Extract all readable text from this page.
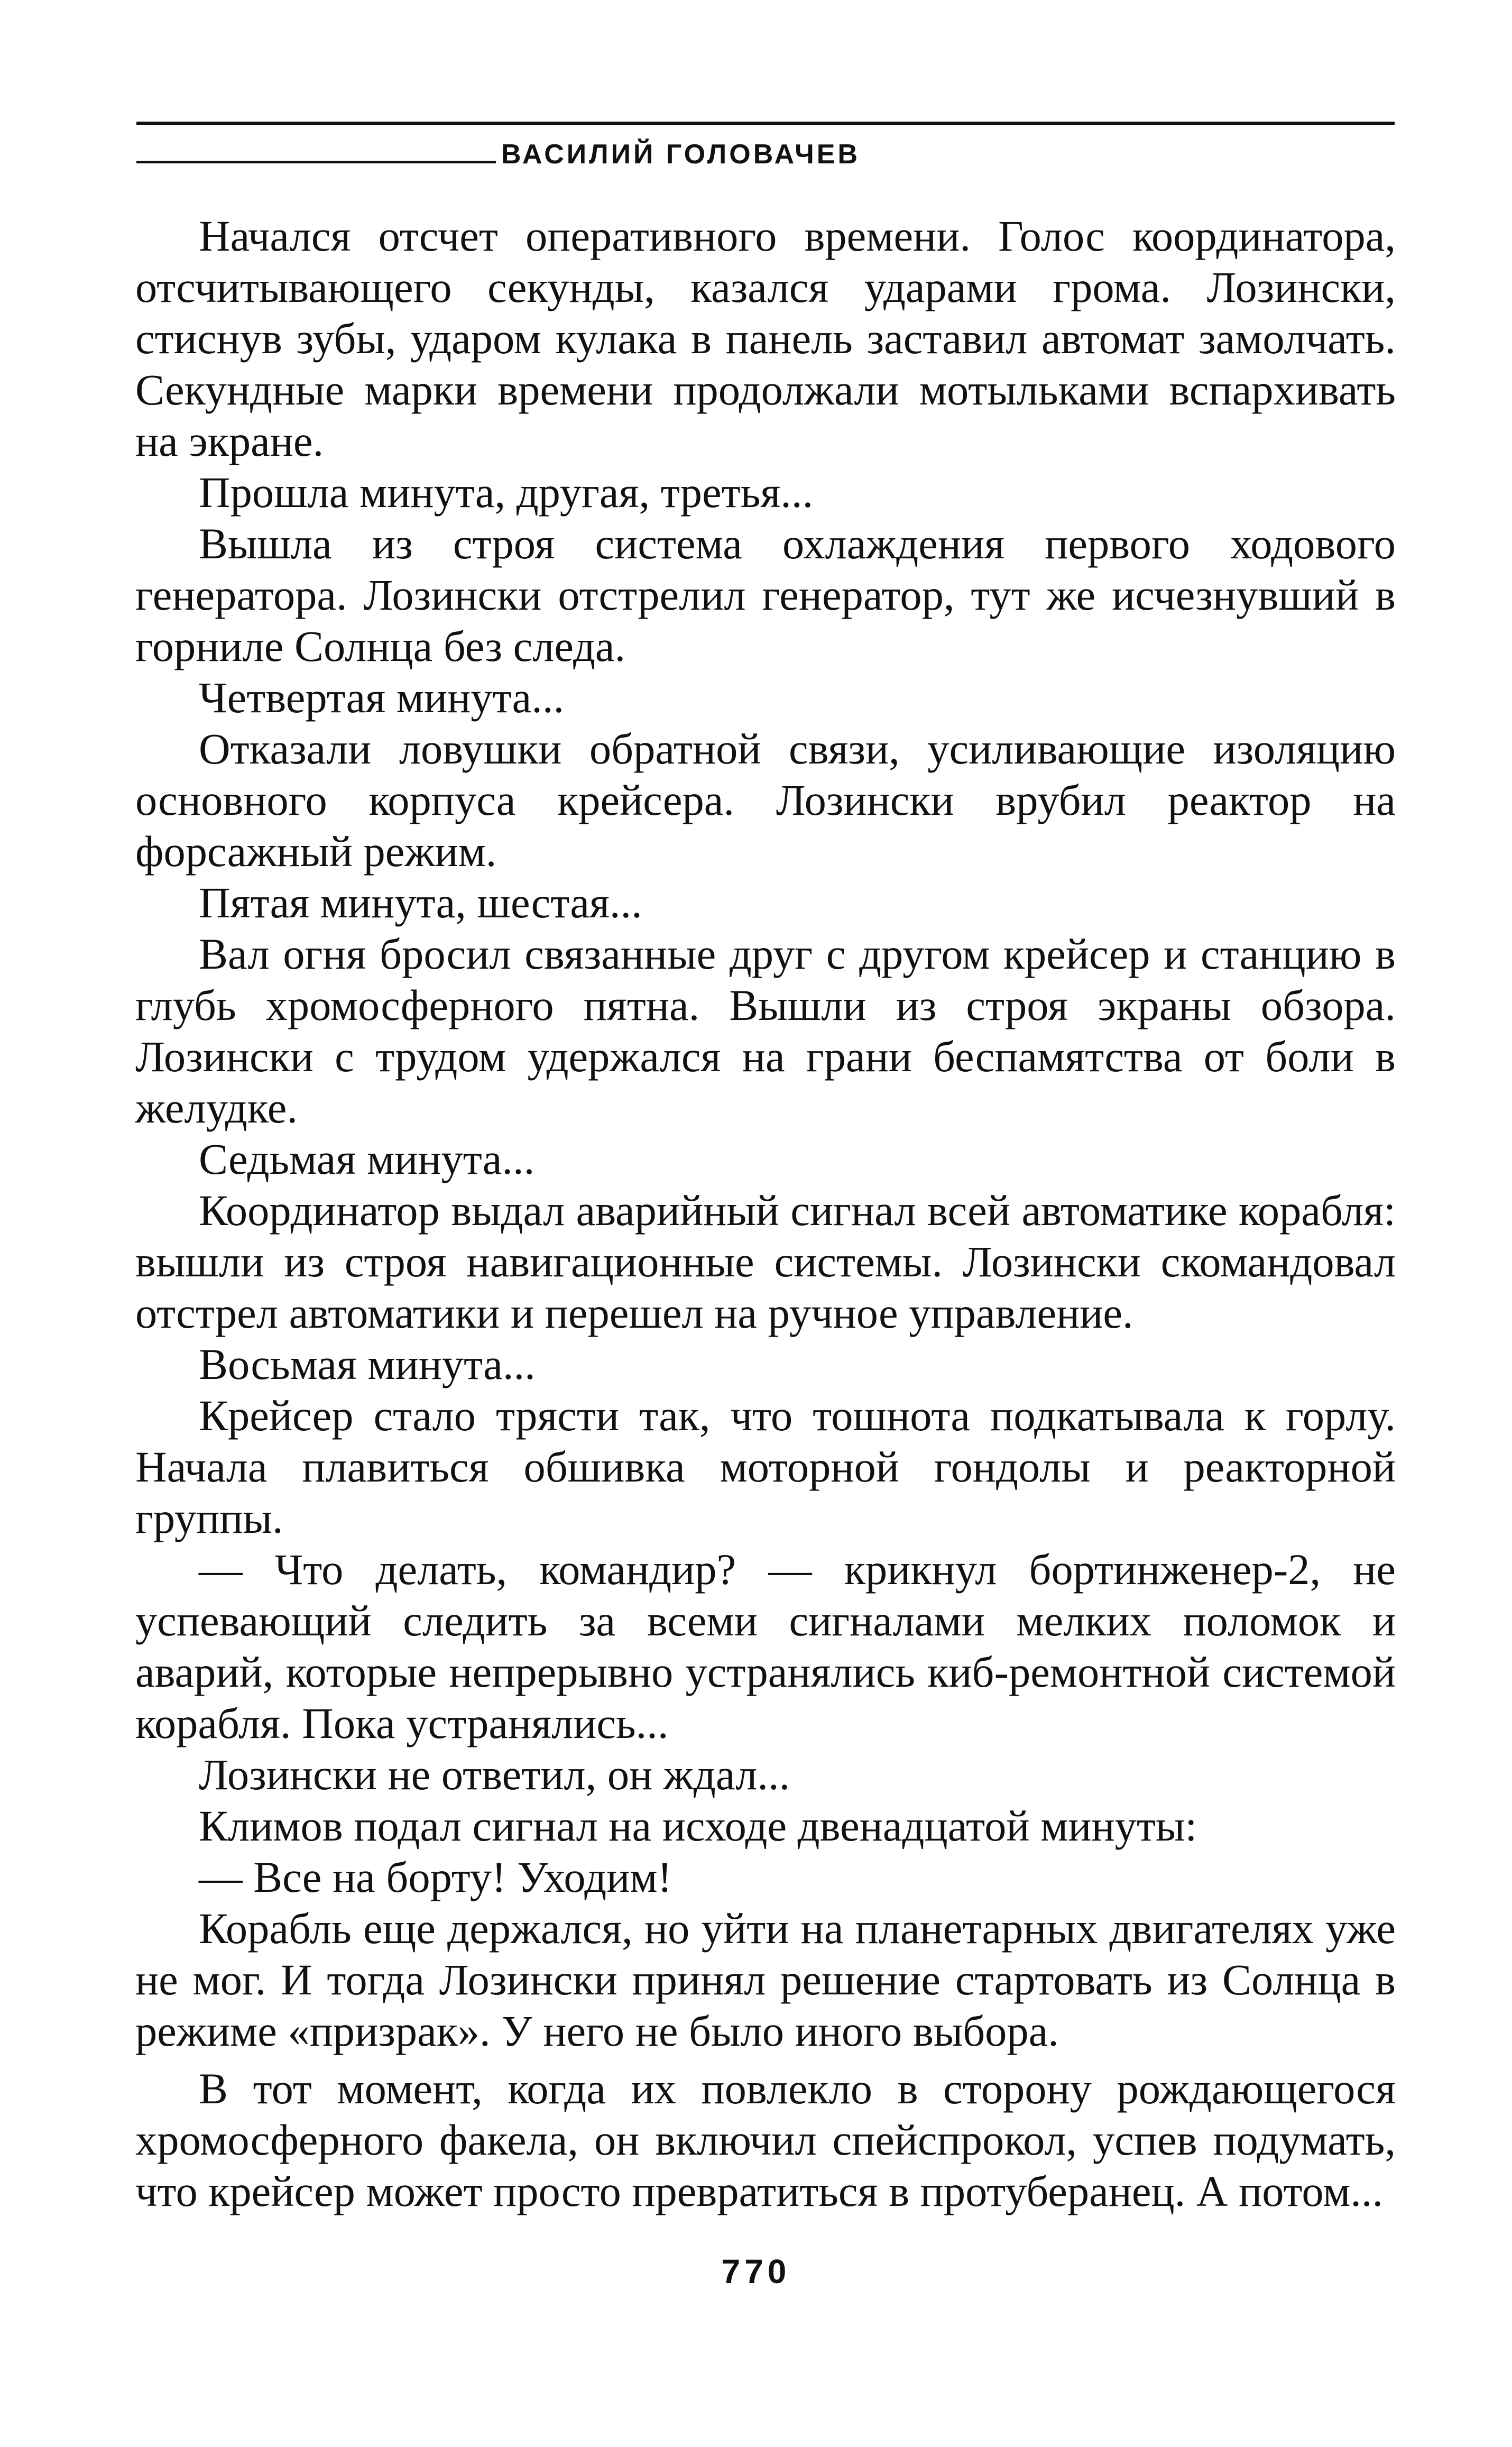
ВАСИЛИЙ ГОЛОВАЧЕВ

Начался отсчет оперативного времени. Голос координатора, отсчитывающего секунды, казался ударами грома. Лозински, стиснув зубы, ударом кулака в панель заставил автомат замолчать. Секундные марки времени продолжали мотыльками вспархивать на экране.

Прошла минута, другая, третья...

Вышла из строя система охлаждения первого ходового генератора. Лозински отстрелил генератор, тут же исчезнувший в горниле Солнца без следа.

Четвертая минута...

Отказали ловушки обратной связи, усиливающие изоляцию основного корпуса крейсера. Лозински врубил реактор на форсажный режим.

Пятая минута, шестая...

Вал огня бросил связанные друг с другом крейсер и станцию в глубь хромосферного пятна. Вышли из строя экраны обзора. Лозински с трудом удержался на грани беспамятства от боли в желудке.

Седьмая минута...

Координатор выдал аварийный сигнал всей автоматике корабля: вышли из строя навигационные системы. Лозински скомандовал отстрел автоматики и перешел на ручное управление.

Восьмая минута...

Крейсер стало трясти так, что тошнота подкатывала к горлу. Начала плавиться обшивка моторной гондолы и реакторной группы.

— Что делать, командир? — крикнул бортинженер-2, не успевающий следить за всеми сигналами мелких поломок и аварий, которые непрерывно устранялись киб-ремонтной системой корабля. Пока устранялись...

Лозински не ответил, он ждал...

Климов подал сигнал на исходе двенадцатой минуты:

— Все на борту! Уходим!

Корабль еще держался, но уйти на планетарных двигателях уже не мог. И тогда Лозински принял решение стартовать из Солнца в режиме «призрак». У него не было иного выбора.

В тот момент, когда их повлекло в сторону рождающегося хромосферного факела, он включил спейспрокол, успев подумать, что крейсер может просто превратиться в протуберанец. А потом...

770
